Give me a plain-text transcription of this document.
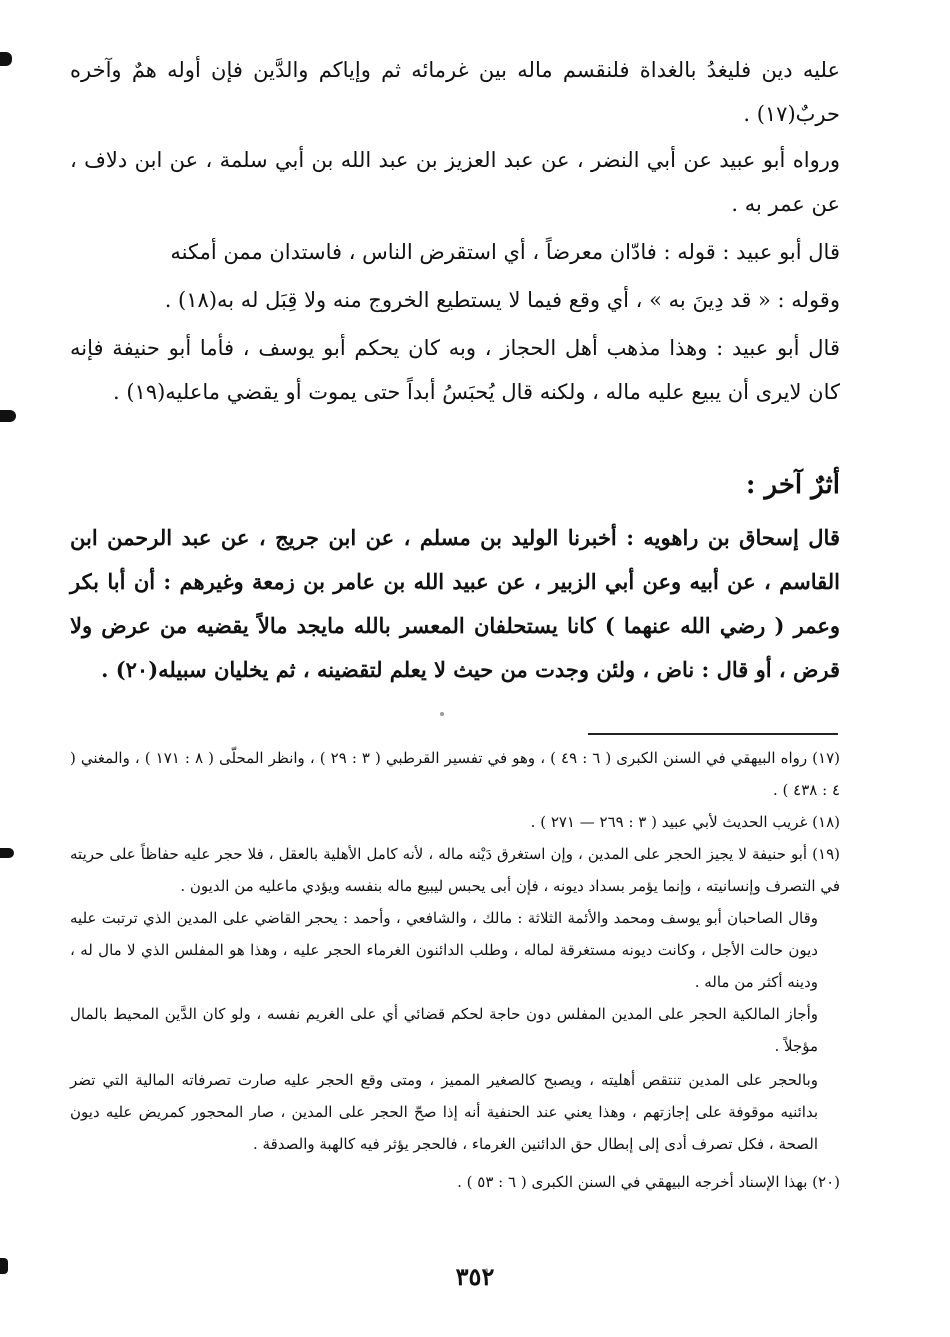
عليه دين فليغدُ بالغداة فلنقسم ماله بين غرمائه ثم وإياكم والدَّين فإن أوله همٌ وآخره حربٌ(١٧) .

ورواه أبو عبيد عن أبي النضر ، عن عبد العزيز بن عبد الله بن أبي سلمة ، عن ابن دلاف ، عن عمر به .

قال أبو عبيد : قوله : فادّان معرضاً ، أي استقرض الناس ، فاستدان ممن أمكنه

وقوله : « قد دِينَ به » ، أي وقع فيما لا يستطيع الخروج منه ولا قِبَل له به(١٨) .

قال أبو عبيد : وهذا مذهب أهل الحجاز ، وبه كان يحكم أبو يوسف ، فأما أبو حنيفة فإنه كان لايرى أن يبيع عليه ماله ، ولكنه قال يُحبَسُ أبداً حتى يموت أو يقضي ماعليه(١٩) .

أثرٌ آخر :

قال إسحاق بن راهويه : أخبرنا الوليد بن مسلم ، عن ابن جريج ، عن عبد الرحمن ابن القاسم ، عن أبيه وعن أبي الزبير ، عن عبيد الله بن عامر بن زمعة وغيرهم : أن أبا بكر وعمر ( رضي الله عنهما ) كانا يستحلفان المعسر بالله مايجد مالاً يقضيه من عرض ولا قرض ، أو قال : ناض ، ولئن وجدت من حيث لا يعلم لتقضينه ، ثم يخليان سبيله(٢٠) .

(١٧) رواه البيهقي في السنن الكبرى ( ٦ : ٤٩ ) ، وهو في تفسير القرطبي ( ٣ : ٢٩ ) ، وانظر المحلّى ( ٨ : ١٧١ ) ، والمغني ( ٤ : ٤٣٨ ) .

(١٨) غريب الحديث لأبي عبيد ( ٣ : ٢٦٩ — ٢٧١ ) .

(١٩) أبو حنيفة لا يجيز الحجر على المدين ، وإن استغرق دَيْنه ماله ، لأنه كامل الأهلية بالعقل ، فلا حجر عليه حفاظاً على حريته في التصرف وإنسانيته ، وإنما يؤمر بسداد ديونه ، فإن أبى يحبس ليبيع ماله بنفسه ويؤدي ماعليه من الديون .

وقال الصاحبان أبو يوسف ومحمد والأئمة الثلاثة : مالك ، والشافعي ، وأحمد : يحجر القاضي على المدين الذي ترتبت عليه ديون حالت الأجل ، وكانت ديونه مستغرقة لماله ، وطلب الدائنون الغرماء الحجر عليه ، وهذا هو المفلس الذي لا مال له ، ودينه أكثر من ماله .

وأجاز المالكية الحجر على المدين المفلس دون حاجة لحكم قضائي أي على الغريم نفسه ، ولو كان الدَّين المحيط بالمال مؤجلاً .

وبالحجر على المدين تنتقص أهليته ، ويصبح كالصغير المميز ، ومتى وقع الحجر عليه صارت تصرفاته المالية التي تضر بدائنيه موقوفة على إجازتهم ، وهذا يعني عند الحنفية أنه إذا صحّ الحجر على المدين ، صار المحجور كمريض عليه ديون الصحة ، فكل تصرف أدى إلى إبطال حق الدائنين الغرماء ، فالحجر يؤثر فيه كالهبة والصدقة .

(٢٠) بهذا الإسناد أخرجه البيهقي في السنن الكبرى ( ٦ : ٥٣ ) .

٣٥٢
